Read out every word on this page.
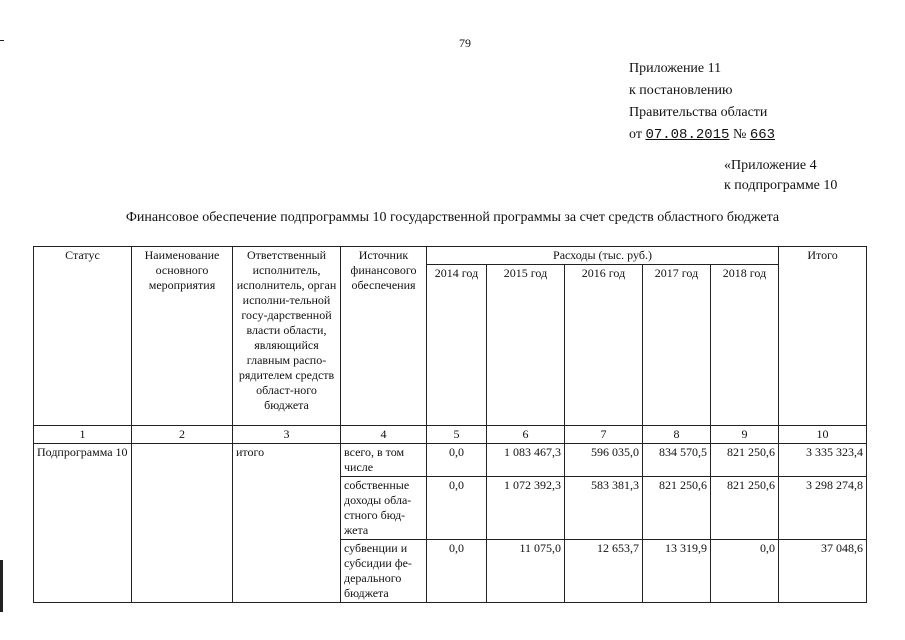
79
Приложение 11
к постановлению
Правительства области
от 07.08.2015 № 663
«Приложение 4
к подпрограмме 10
Финансовое обеспечение подпрограммы 10 государственной программы за счет средств областного бюджета
Статус	Наименование основного мероприятия	Ответственный исполнитель, исполнитель, орган исполни-тельной госу-дарственной власти области, являющийся главным распо-рядителем средств област-ного бюджета	Источник финансового обеспечения	Расходы (тыс. руб.)					Итого
				2014 год	2015 год	2016 год	2017 год	2018 год	
1	2	3	4	5	6	7	8	9	10
Подпрограмма 10		итого	всего, в том числе	0,0	1 083 467,3	596 035,0	834 570,5	821 250,6	3 335 323,4
			собственные доходы обла-стного бюд-жета	0,0	1 072 392,3	583 381,3	821 250,6	821 250,6	3 298 274,8
			субвенции и субсидии фе-дерального бюджета	0,0	11 075,0	12 653,7	13 319,9	0,0	37 048,6
